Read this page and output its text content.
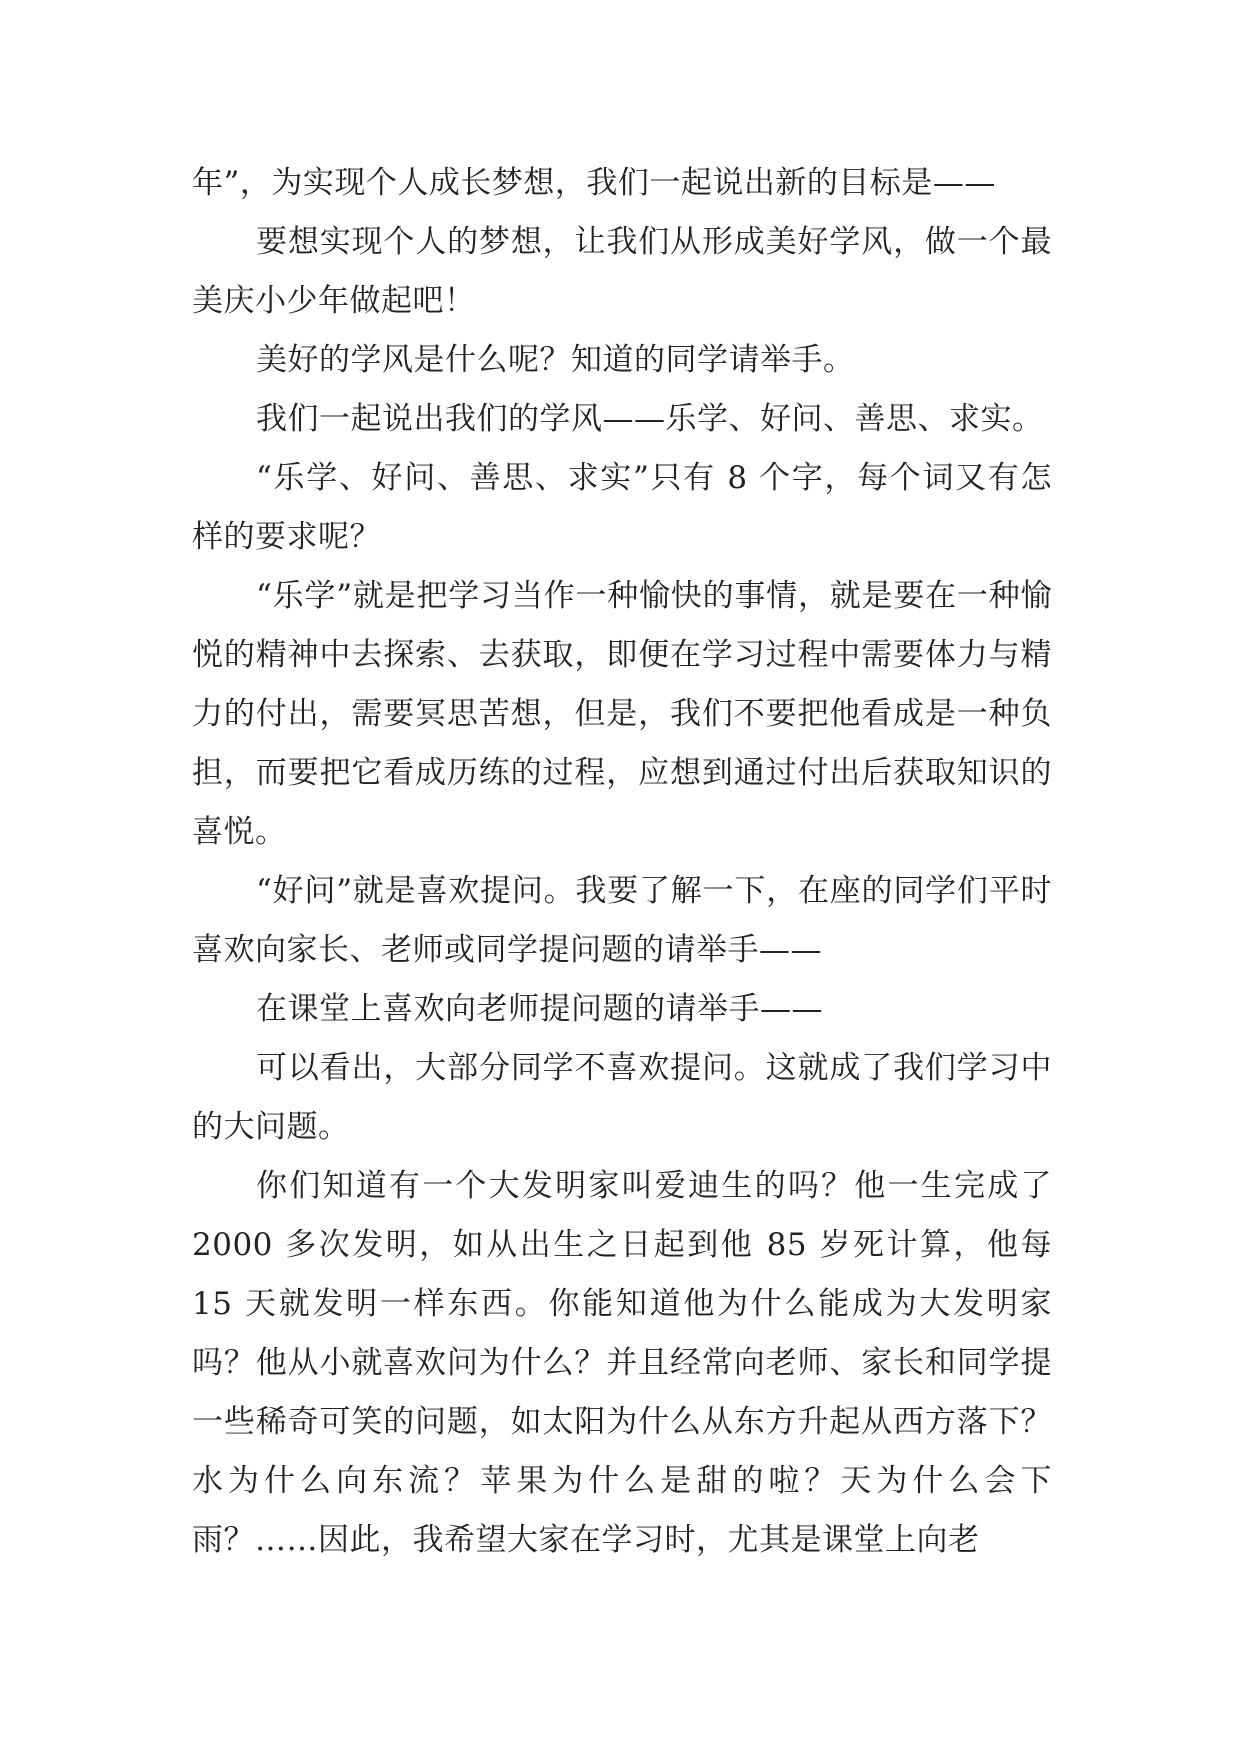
年”，为实现个人成长梦想，我们一起说出新的目标是——

要想实现个人的梦想，让我们从形成美好学风，做一个最美庆小少年做起吧！

美好的学风是什么呢？知道的同学请举手。

我们一起说出我们的学风——乐学、好问、善思、求实。

“乐学、好问、善思、求实”只有 8 个字，每个词又有怎样的要求呢？

“乐学”就是把学习当作一种愉快的事情，就是要在一种愉悦的精神中去探索、去获取，即便在学习过程中需要体力与精力的付出，需要冥思苦想，但是，我们不要把他看成是一种负担，而要把它看成历练的过程，应想到通过付出后获取知识的喜悦。

“好问”就是喜欢提问。我要了解一下，在座的同学们平时喜欢向家长、老师或同学提问题的请举手——

在课堂上喜欢向老师提问题的请举手——

可以看出，大部分同学不喜欢提问。这就成了我们学习中的大问题。

你们知道有一个大发明家叫爱迪生的吗？他一生完成了 2000 多次发明，如从出生之日起到他 85 岁死计算，他每 15 天就发明一样东西。你能知道他为什么能成为大发明家吗？他从小就喜欢问为什么？并且经常向老师、家长和同学提一些稀奇可笑的问题，如太阳为什么从东方升起从西方落下？水为什么向东流？苹果为什么是甜的啦？天为什么会下雨？……因此，我希望大家在学习时，尤其是课堂上向老
